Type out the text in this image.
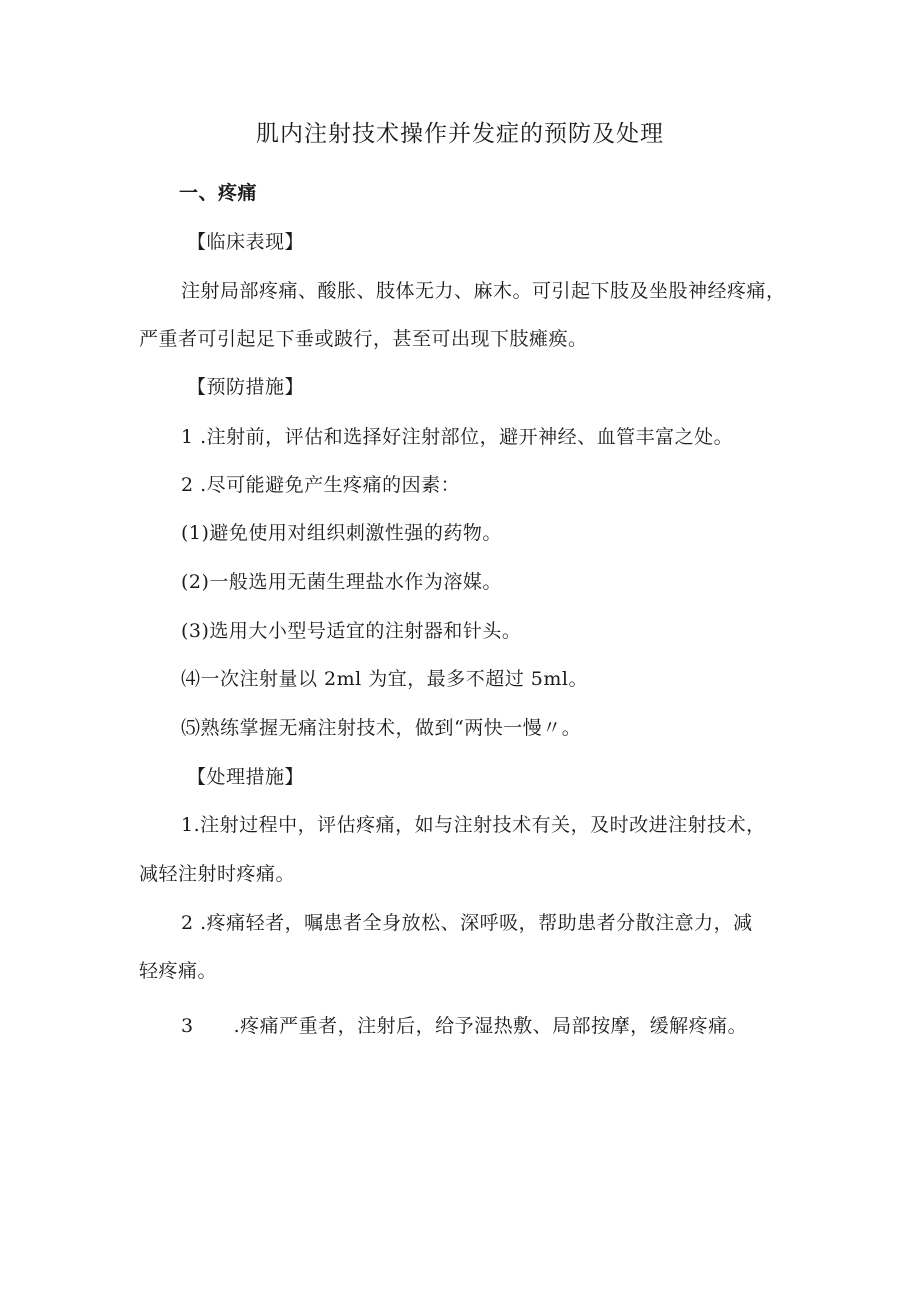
肌内注射技术操作并发症的预防及处理
一、疼痛
【临床表现】
注射局部疼痛、酸胀、肢体无力、麻木。可引起下肢及坐股神经疼痛，
严重者可引起足下垂或跛行，甚至可出现下肢瘫痪。
【预防措施】
1 .注射前，评估和选择好注射部位，避开神经、血管丰富之处。
2 .尽可能避免产生疼痛的因素：
(1)避免使用对组织刺激性强的药物。
(2)一般选用无菌生理盐水作为溶媒。
(3)选用大小型号适宜的注射器和针头。
⑷一次注射量以 2ml 为宜，最多不超过 5ml。
⑸熟练掌握无痛注射技术，做到“两快一慢〃。
【处理措施】
1.注射过程中，评估疼痛，如与注射技术有关，及时改进注射技术，
减轻注射时疼痛。
2 .疼痛轻者，嘱患者全身放松、深呼吸，帮助患者分散注意力，减
轻疼痛。
3 .疼痛严重者，注射后，给予湿热敷、局部按摩，缓解疼痛。
